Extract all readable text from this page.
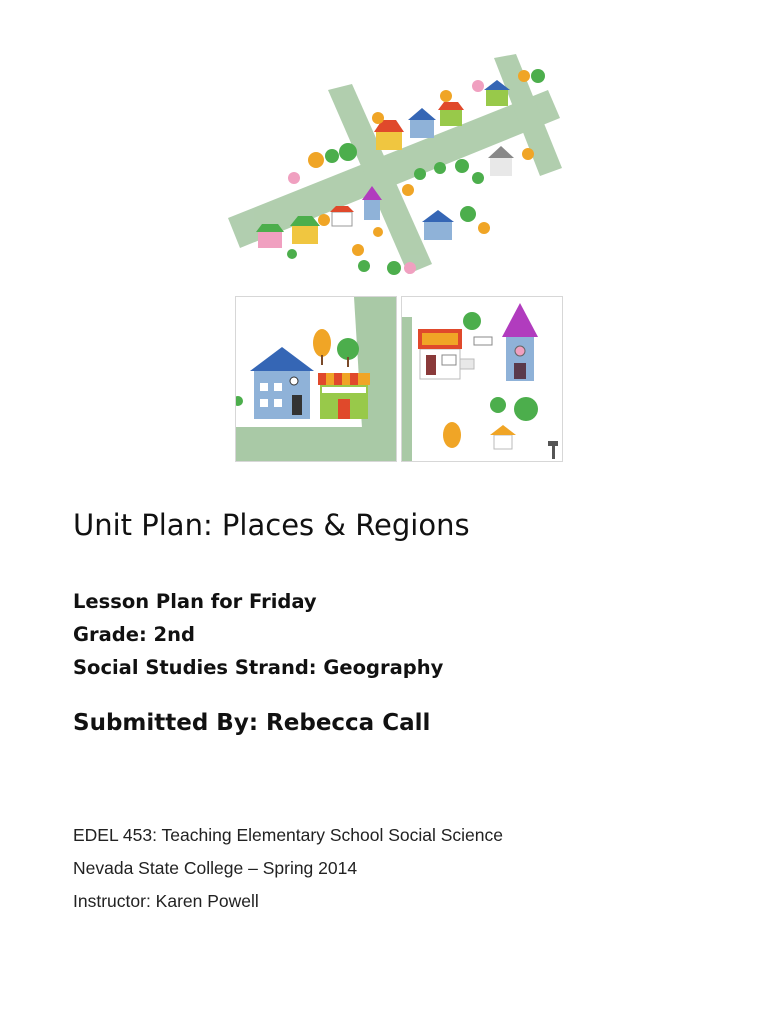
Unit Plan: Places & Regions
Lesson Plan for Friday
Grade: 2nd
Social Studies Strand: Geography
Submitted By: Rebecca Call
EDEL 453: Teaching Elementary School Social Science
Nevada State College – Spring 2014
Instructor: Karen Powell
